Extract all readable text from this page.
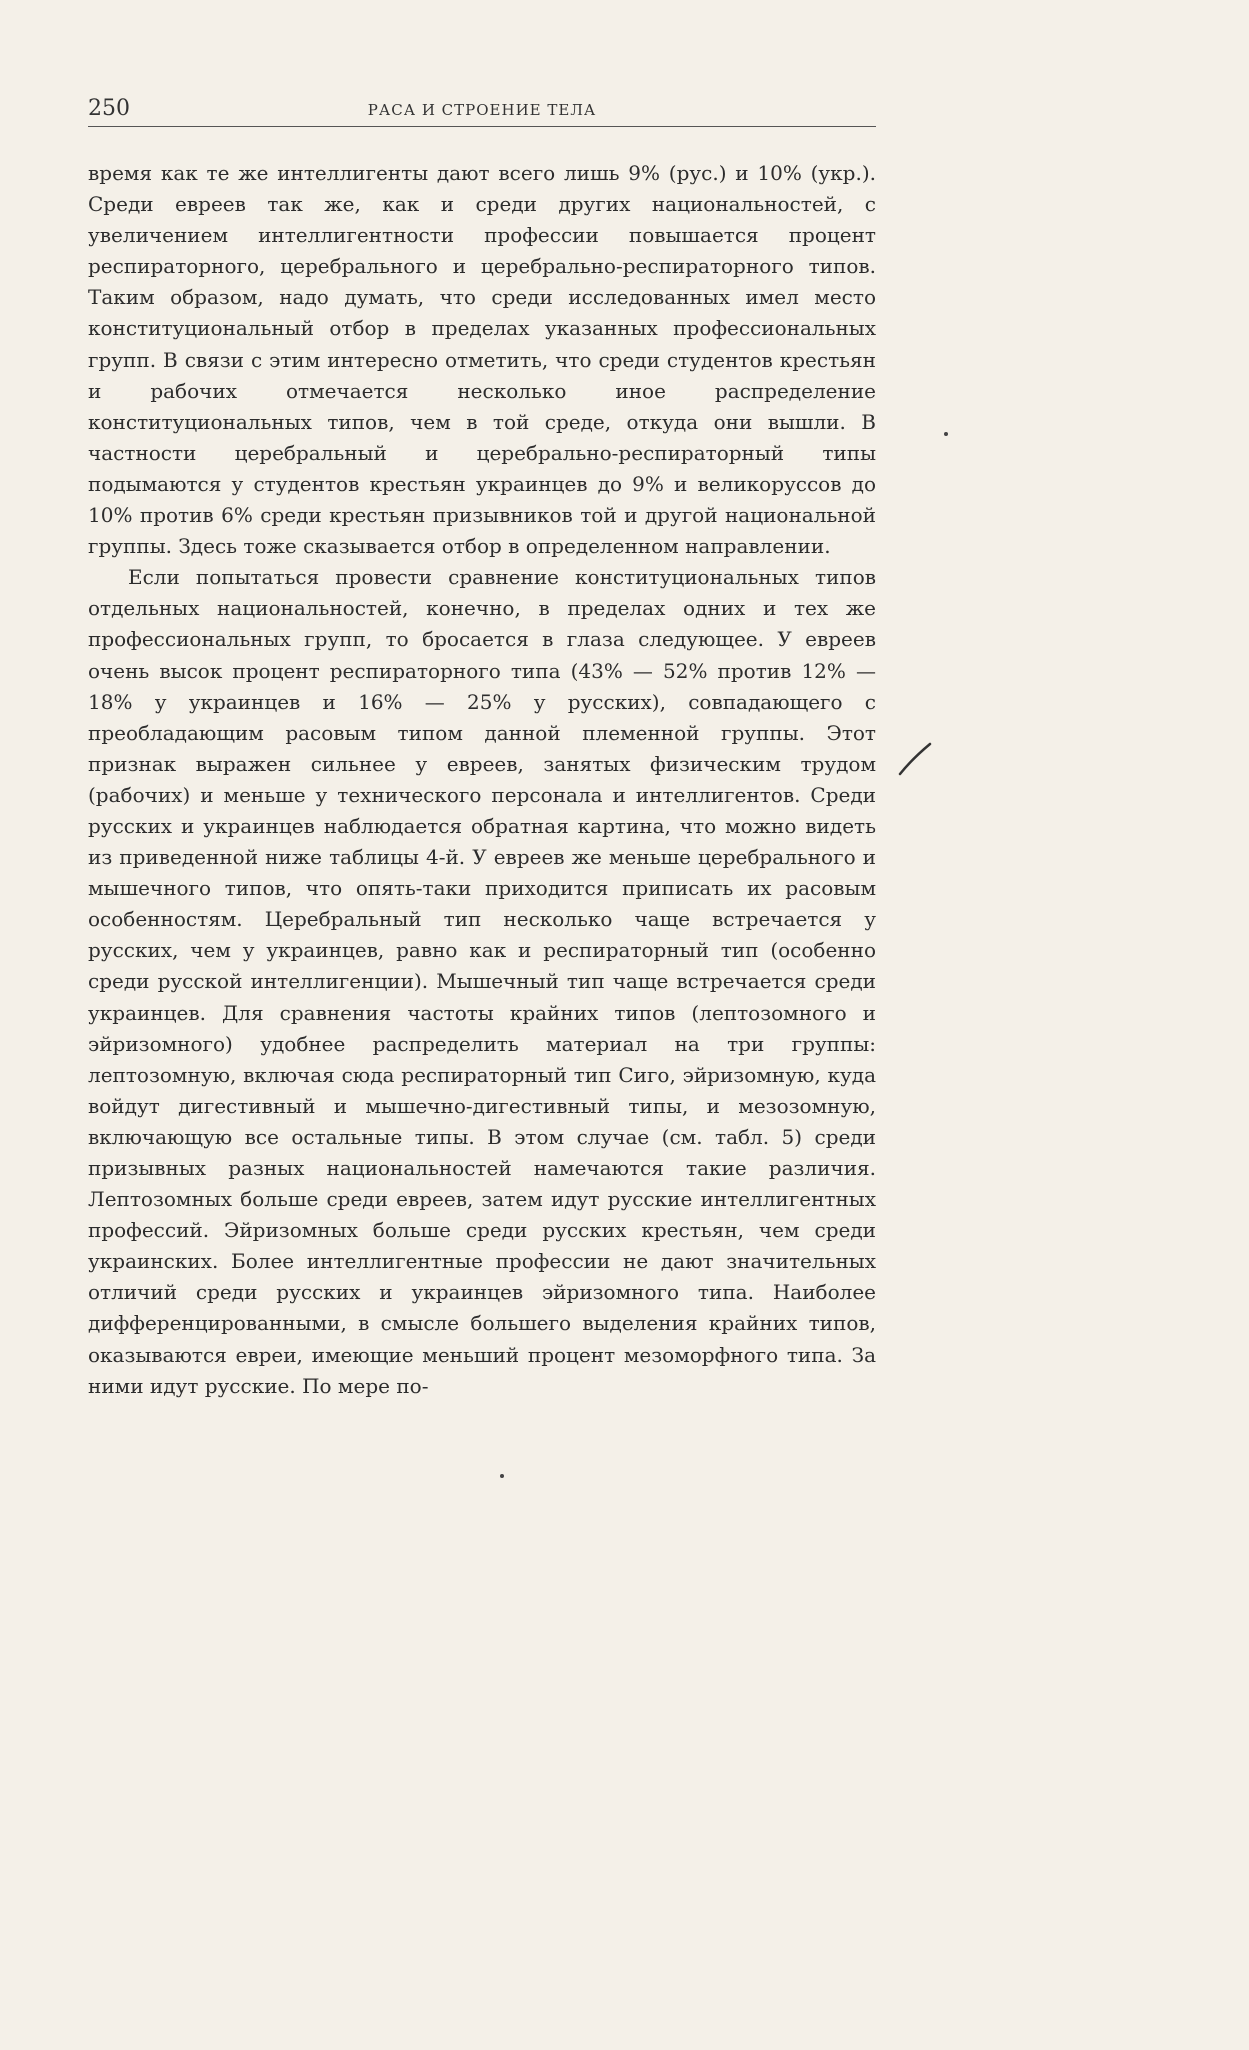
250	РАСА И СТРОЕНИЕ ТЕЛА

время как те же интеллигенты дают всего лишь 9% (рус.) и 10% (укр.). Среди евреев так же, как и среди других национальностей, с увеличением интеллигентности профессии повышается процент респираторного, церебрального и церебрально-респираторного типов. Таким образом, надо думать, что среди исследованных имел место конституциональный отбор в пределах указанных профессиональных групп. В связи с этим интересно отметить, что среди студентов крестьян и рабочих отмечается несколько иное распределение конституциональных типов, чем в той среде, откуда они вышли. В частности церебральный и церебрально-респираторный типы подымаются у студентов крестьян украинцев до 9% и великоруссов до 10% против 6% среди крестьян призывников той и другой национальной группы. Здесь тоже сказывается отбор в определенном направлении.

Если попытаться провести сравнение конституциональных типов отдельных национальностей, конечно, в пределах одних и тех же профессиональных групп, то бросается в глаза следующее. У евреев очень высок процент респираторного типа (43% — 52% против 12% — 18% у украинцев и 16% — 25% у русских), совпадающего с преобладающим расовым типом данной племенной группы. Этот признак выражен сильнее у евреев, занятых физическим трудом (рабочих) и меньше у технического персонала и интеллигентов. Среди русских и украинцев наблюдается обратная картина, что можно видеть из приведенной ниже таблицы 4-й. У евреев же меньше церебрального и мышечного типов, что опять-таки приходится приписать их расовым особенностям. Церебральный тип несколько чаще встречается у русских, чем у украинцев, равно как и респираторный тип (особенно среди русской интеллигенции). Мышечный тип чаще встречается среди украинцев. Для сравнения частоты крайних типов (лептозомного и эйризомного) удобнее распределить материал на три группы: лептозомную, включая сюда респираторный тип Сиго, эйризомную, куда войдут дигестивный и мышечно-дигестивный типы, и мезозомную, включающую все остальные типы. В этом случае (см. табл. 5) среди призывных разных национальностей намечаются такие различия. Лептозомных больше среди евреев, затем идут русские интеллигентных профессий. Эйризомных больше среди русских крестьян, чем среди украинских. Более интеллигентные профессии не дают значительных отличий среди русских и украинцев эйризомного типа. Наиболее дифференцированными, в смысле большего выделения крайних типов, оказываются евреи, имеющие меньший процент мезоморфного типа. За ними идут русские. По мере по-
